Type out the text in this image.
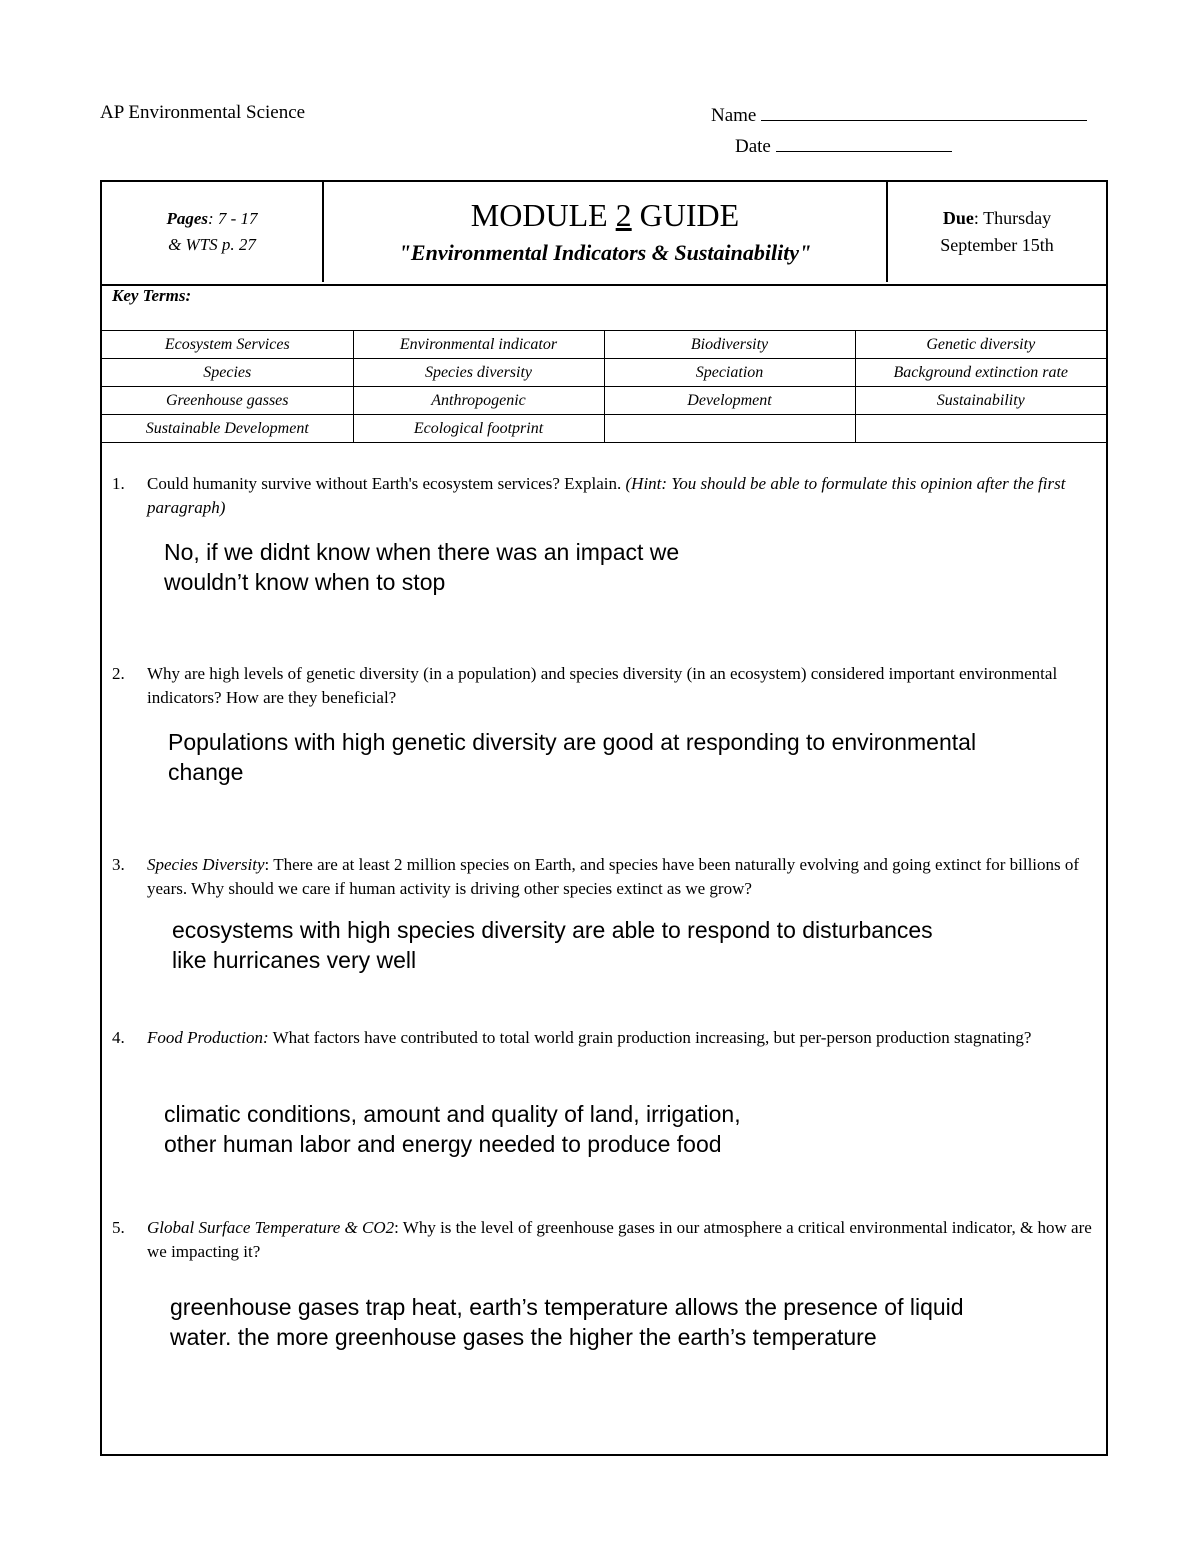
AP Environmental Science	Name
Date
Pages: 7 - 17
& WTS p. 27
MODULE 2 GUIDE
"Environmental Indicators & Sustainability"
Due: Thursday
September 15th
Key Terms:
Ecosystem Services	Environmental indicator	Biodiversity	Genetic diversity
Species	Species diversity	Speciation	Background extinction rate
Greenhouse gasses	Anthropogenic	Development	Sustainability
Sustainable Development	Ecological footprint		
1. Could humanity survive without Earth's ecosystem services? Explain. (Hint: You should be able to formulate this opinion after the first paragraph)
No, if we didnt know when there was an impact we
wouldn’t know when to stop
2. Why are high levels of genetic diversity (in a population) and species diversity (in an ecosystem) considered important environmental indicators? How are they beneficial?
Populations with high genetic diversity are good at responding to environmental
change
3. Species Diversity: There are at least 2 million species on Earth, and species have been naturally evolving and going extinct for billions of years. Why should we care if human activity is driving other species extinct as we grow?
ecosystems with high species diversity are able to respond to disturbances
like hurricanes very well
4. Food Production: What factors have contributed to total world grain production increasing, but per-person production stagnating?
climatic conditions, amount and quality of land, irrigation,
other human labor and energy needed to produce food
5. Global Surface Temperature & CO2: Why is the level of greenhouse gases in our atmosphere a critical environmental indicator, & how are we impacting it?
greenhouse gases trap heat, earth’s temperature allows the presence of liquid
water. the more greenhouse gases the higher the earth’s temperature
